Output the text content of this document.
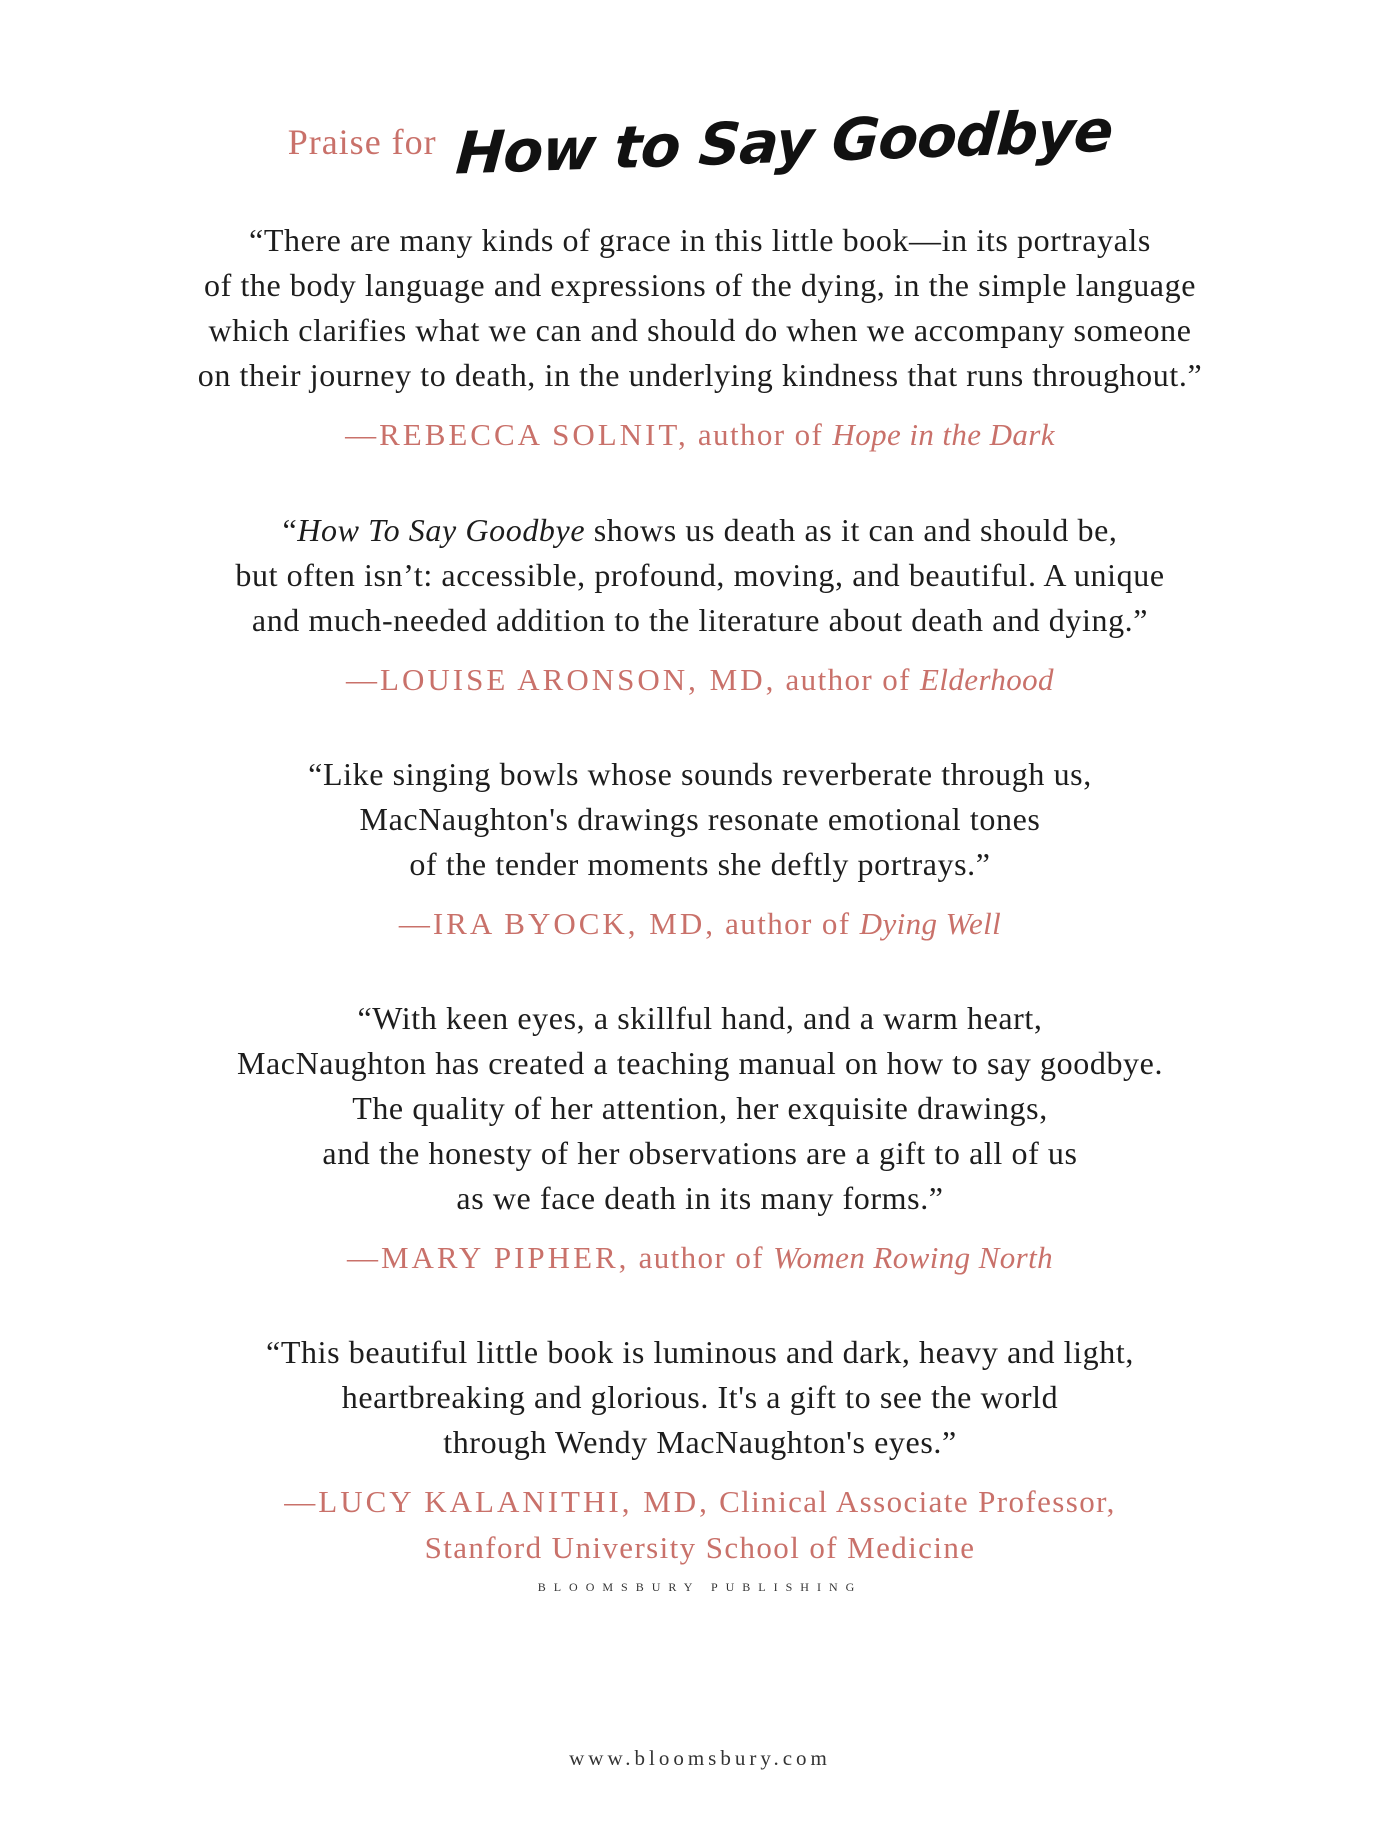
Praise for How to Say Goodbye
“There are many kinds of grace in this little book—in its portrayals
of the body language and expressions of the dying, in the simple language
which clarifies what we can and should do when we accompany someone
on their journey to death, in the underlying kindness that runs throughout.”
—REBECCA SOLNIT, author of Hope in the Dark
“How To Say Goodbye shows us death as it can and should be,
but often isn’t: accessible, profound, moving, and beautiful. A unique
and much-needed addition to the literature about death and dying.”
—LOUISE ARONSON, MD, author of Elderhood
“Like singing bowls whose sounds reverberate through us,
MacNaughton's drawings resonate emotional tones
of the tender moments she deftly portrays.”
—IRA BYOCK, MD, author of Dying Well
“With keen eyes, a skillful hand, and a warm heart,
MacNaughton has created a teaching manual on how to say goodbye.
The quality of her attention, her exquisite drawings,
and the honesty of her observations are a gift to all of us
as we face death in its many forms.”
—MARY PIPHER, author of Women Rowing North
“This beautiful little book is luminous and dark, heavy and light,
heartbreaking and glorious. It's a gift to see the world
through Wendy MacNaughton's eyes.”
—LUCY KALANITHI, MD, Clinical Associate Professor,
Stanford University School of Medicine
BLOOMSBURY PUBLISHING
www.bloomsbury.com
